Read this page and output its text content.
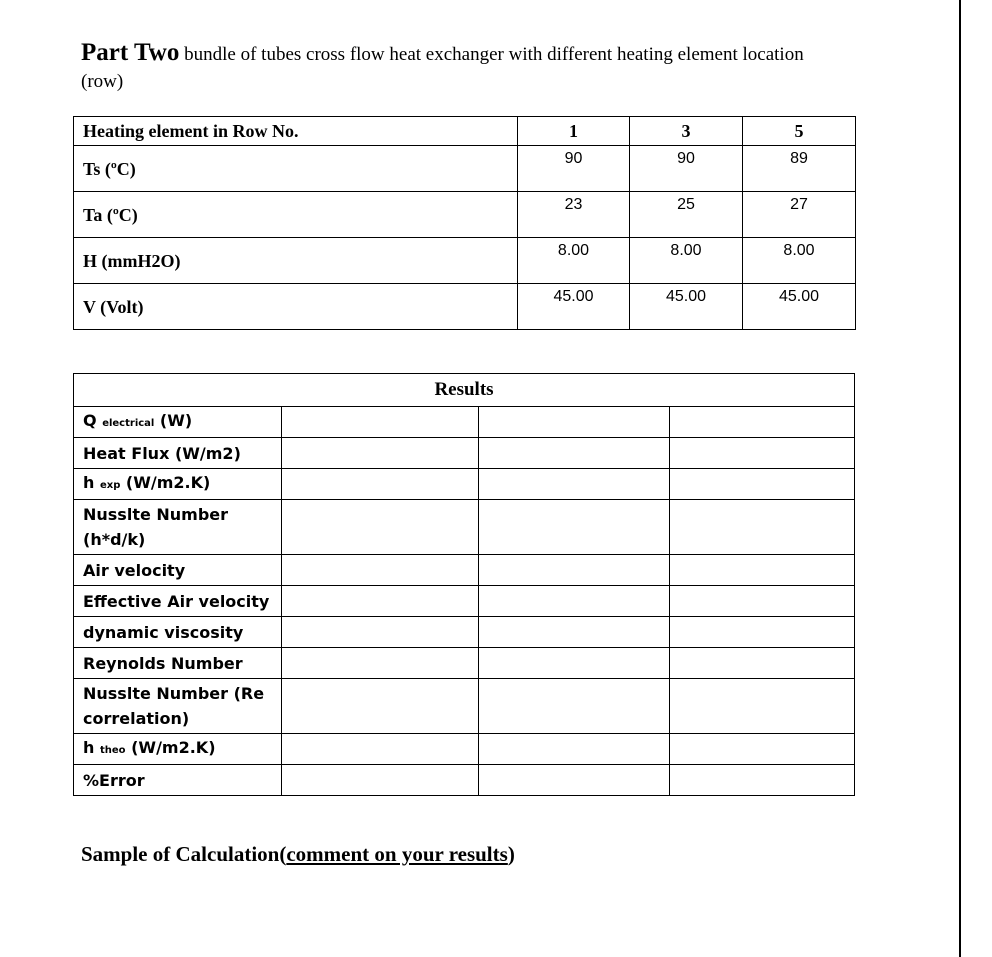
Part Two bundle of tubes cross flow heat exchanger with different heating element location (row)
Heating element in Row No.	1	3	5
Ts (ºC)	90	90	89
Ta (ºC)	23	25	27
H (mmH2O)	8.00	8.00	8.00
V (Volt)	45.00	45.00	45.00
Results			
Q electrical (W)			
Heat Flux (W/m2)			
h exp (W/m2.K)			
Nusslte Number (h*d/k)			
Air velocity			
Effective Air velocity			
dynamic viscosity			
Reynolds Number			
Nusslte Number (Re correlation)			
h theo (W/m2.K)			
%Error			
Sample of Calculation(comment on your results)
